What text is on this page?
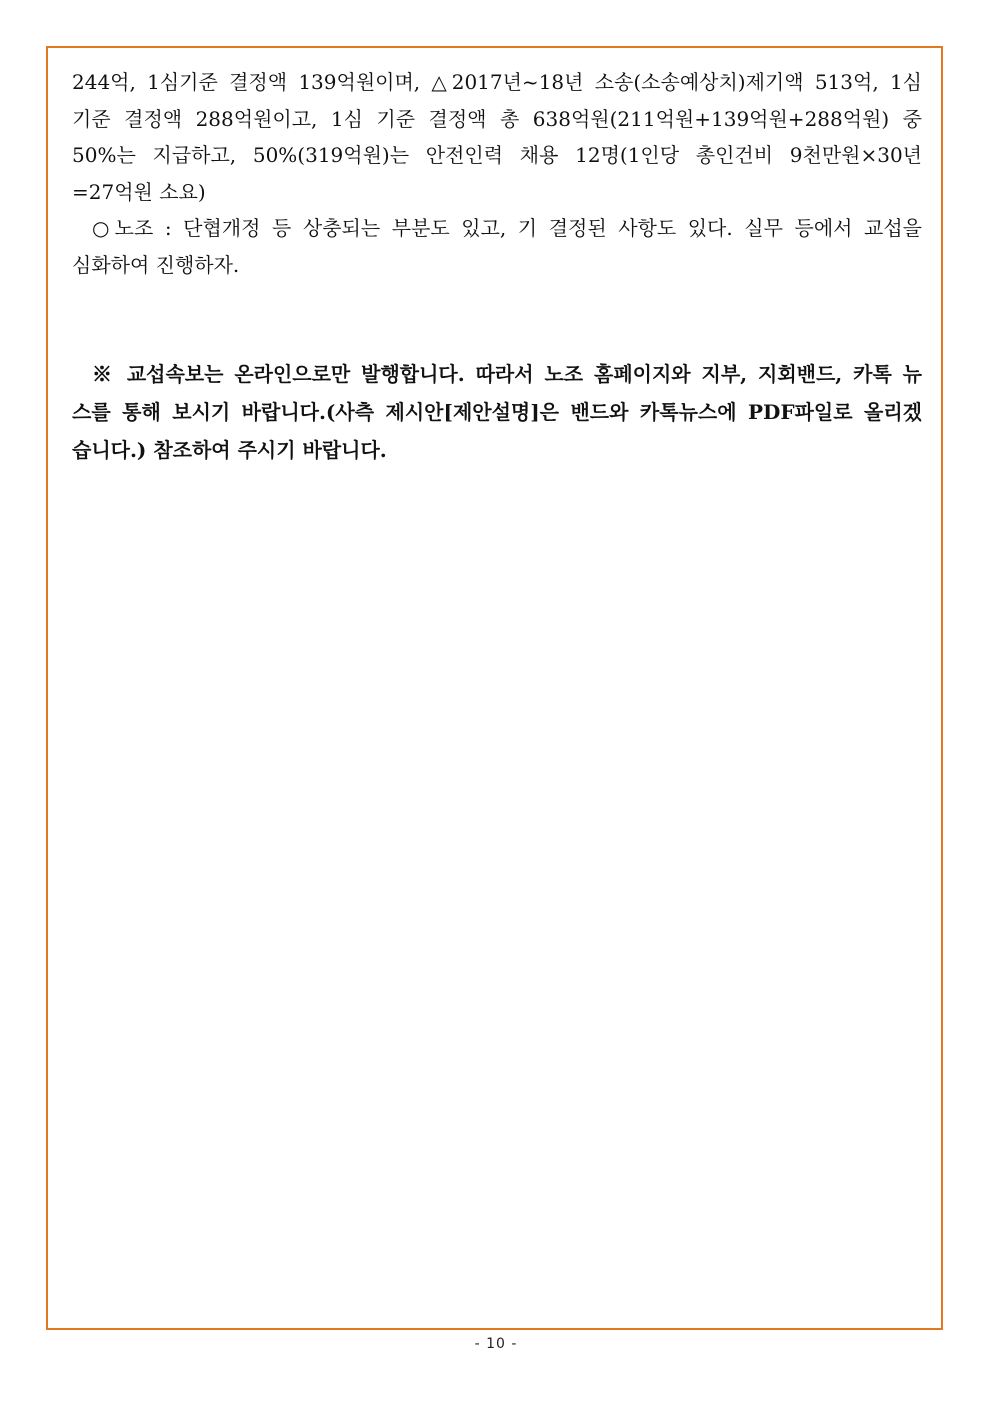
244억, 1심기준 결정액 139억원이며, △2017년~18년 소송(소송예상치)제기액 513억, 1심
기준 결정액 288억원이고, 1심 기준 결정액 총 638억원(211억원+139억원+288억원) 중
50%는 지급하고, 50%(319억원)는 안전인력 채용 12명(1인당 총인건비 9천만원×30년
=27억원 소요)

○노조 : 단협개정 등 상충되는 부분도 있고, 기 결정된 사항도 있다. 실무 등에서 교섭을
심화하여 진행하자.

※ 교섭속보는 온라인으로만 발행합니다. 따라서 노조 홈페이지와 지부, 지회밴드, 카톡 뉴
스를 통해 보시기 바랍니다.(사측 제시안[제안설명]은 밴드와 카톡뉴스에 PDF파일로 올리겠
습니다.) 참조하여 주시기 바랍니다.

- 10 -
